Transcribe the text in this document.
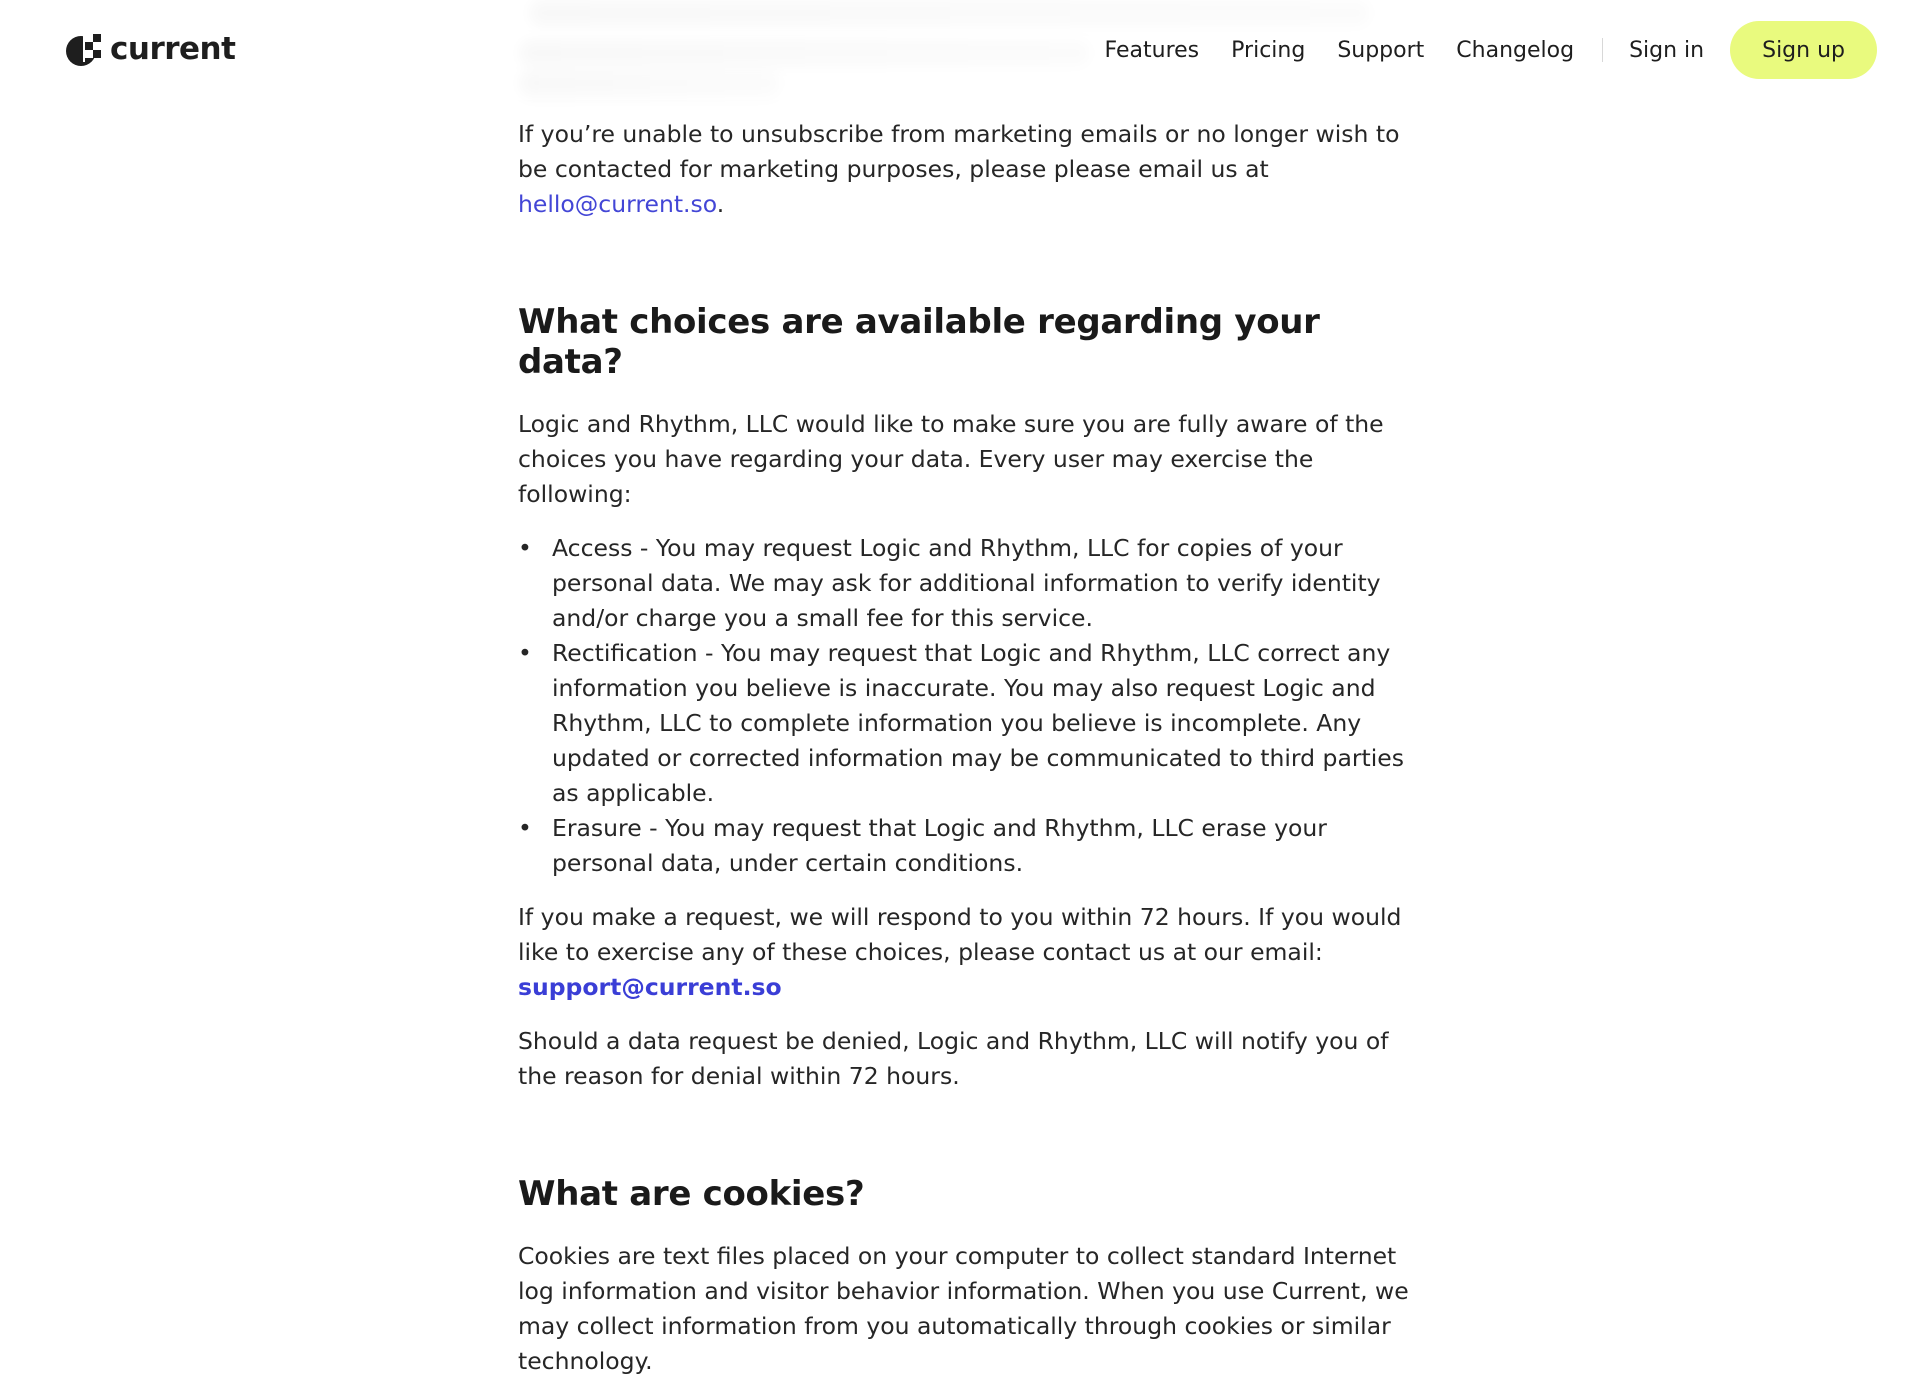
current	Features Pricing Support Changelog	Sign in	Sign up

If you’re unable to unsubscribe from marketing emails or no longer wish to be contacted for marketing purposes, please please email us at hello@current.so.

What choices are available regarding your data?

Logic and Rhythm, LLC would like to make sure you are fully aware of the choices you have regarding your data. Every user may exercise the following:

• Access - You may request Logic and Rhythm, LLC for copies of your personal data. We may ask for additional information to verify identity and/or charge you a small fee for this service.
• Rectification - You may request that Logic and Rhythm, LLC correct any information you believe is inaccurate. You may also request Logic and Rhythm, LLC to complete information you believe is incomplete. Any updated or corrected information may be communicated to third parties as applicable.
• Erasure - You may request that Logic and Rhythm, LLC erase your personal data, under certain conditions.

If you make a request, we will respond to you within 72 hours. If you would like to exercise any of these choices, please contact us at our email: support@current.so

Should a data request be denied, Logic and Rhythm, LLC will notify you of the reason for denial within 72 hours.

What are cookies?

Cookies are text files placed on your computer to collect standard Internet log information and visitor behavior information. When you use Current, we may collect information from you automatically through cookies or similar technology.
